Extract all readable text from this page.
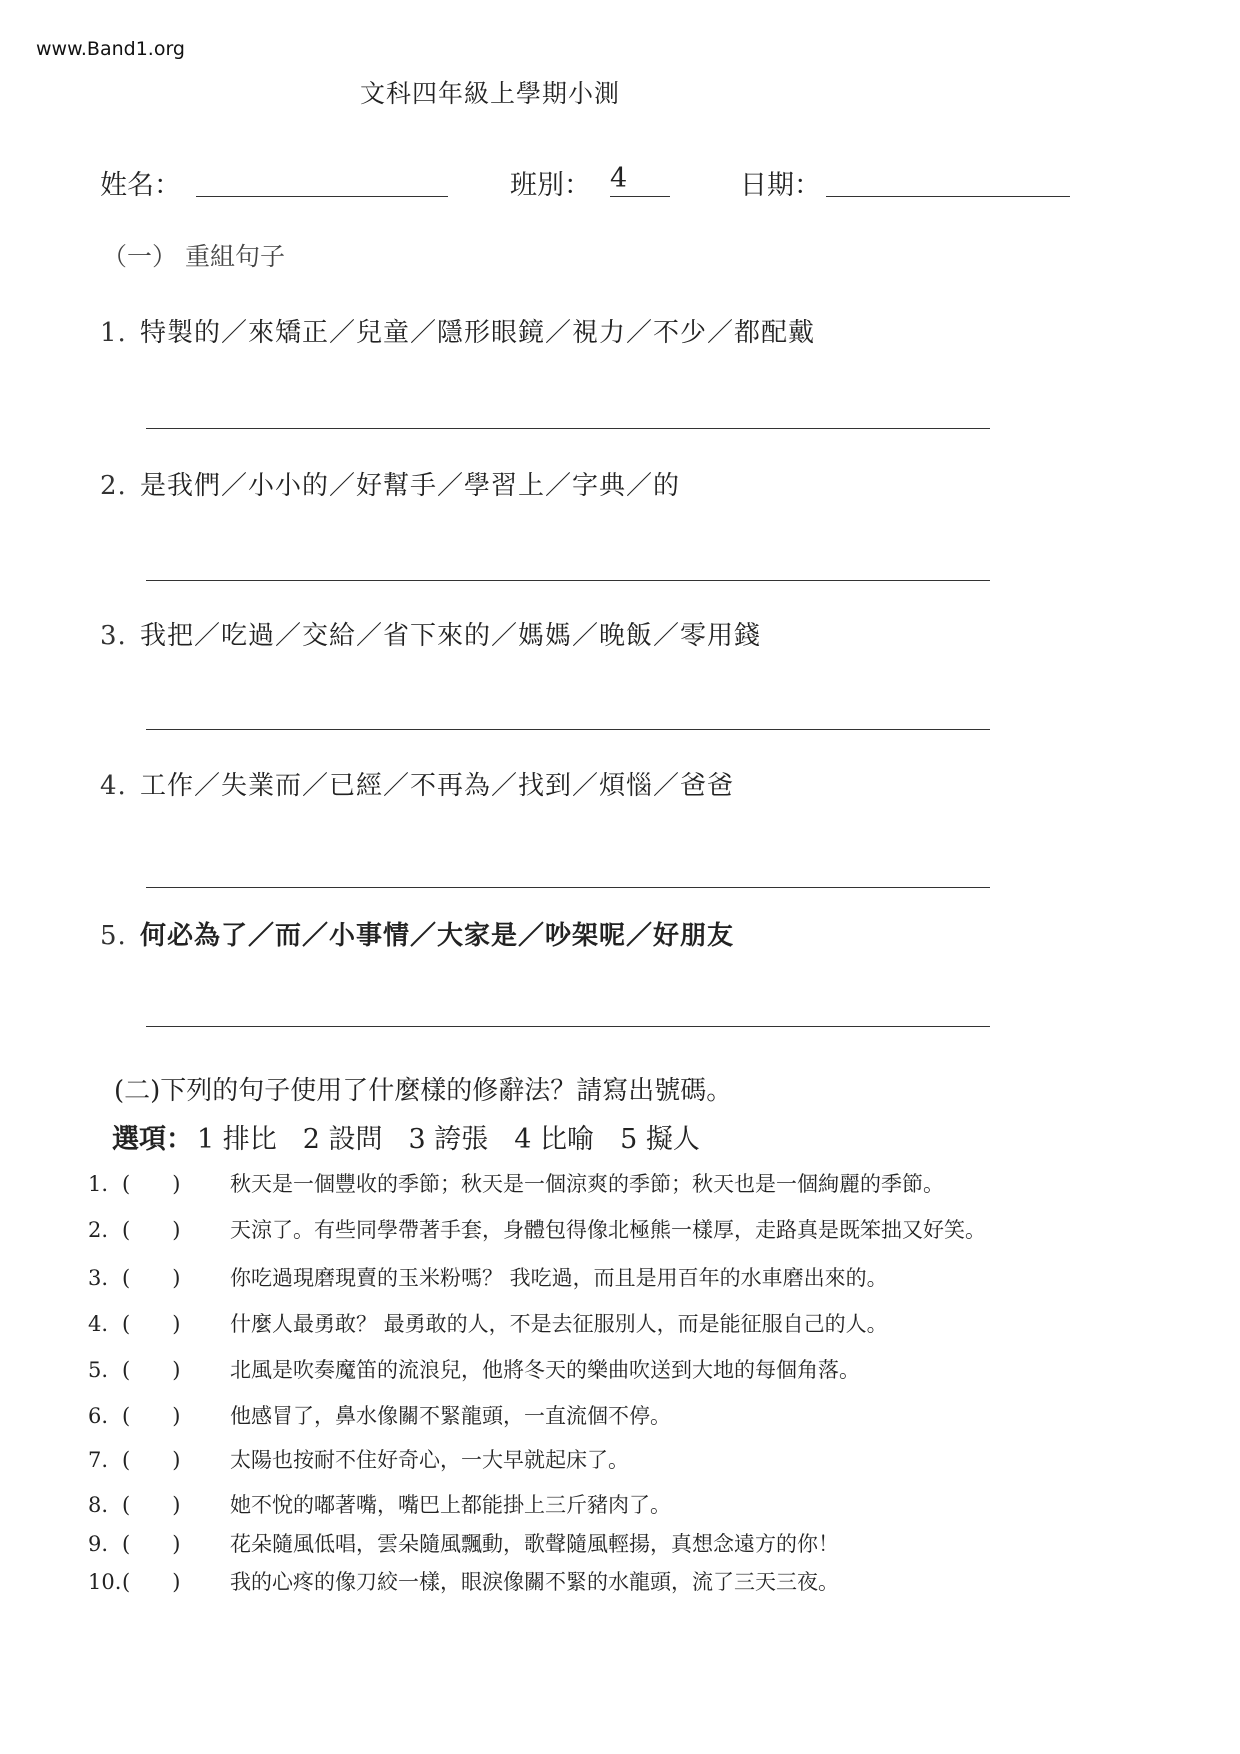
www.Band1.org
文科四年級上學期小測
姓名：	班別： 4	日期：
（一） 重組句子
1. 特製的／來矯正／兒童／隱形眼鏡／視力／不少／都配戴
2. 是我們／小小的／好幫手／學習上／字典／的
3. 我把／吃過／交給／省下來的／媽媽／晚飯／零用錢
4. 工作／失業而／已經／不再為／找到／煩惱／爸爸
5. 何必為了／而／小事情／大家是／吵架呢／好朋友
(二)下列的句子使用了什麼樣的修辭法？請寫出號碼。
選項： 1 排比 2 設問 3 誇張 4 比喻 5 擬人
1. (　　) 秋天是一個豐收的季節；秋天是一個涼爽的季節；秋天也是一個絢麗的季節。
2. (　　) 天涼了。有些同學帶著手套，身體包得像北極熊一樣厚，走路真是既笨拙又好笑。
3. (　　) 你吃過現磨現賣的玉米粉嗎？ 我吃過，而且是用百年的水車磨出來的。
4. (　　) 什麼人最勇敢？ 最勇敢的人，不是去征服別人，而是能征服自己的人。
5. (　　) 北風是吹奏魔笛的流浪兒，他將冬天的樂曲吹送到大地的每個角落。
6. (　　) 他感冒了，鼻水像關不緊龍頭，一直流個不停。
7. (　　) 太陽也按耐不住好奇心，一大早就起床了。
8. (　　) 她不悅的嘟著嘴，嘴巴上都能掛上三斤豬肉了。
9. (　　) 花朵隨風低唱，雲朵隨風飄動，歌聲隨風輕揚，真想念遠方的你！
10.(　　) 我的心疼的像刀絞一樣，眼淚像關不緊的水龍頭，流了三天三夜。
